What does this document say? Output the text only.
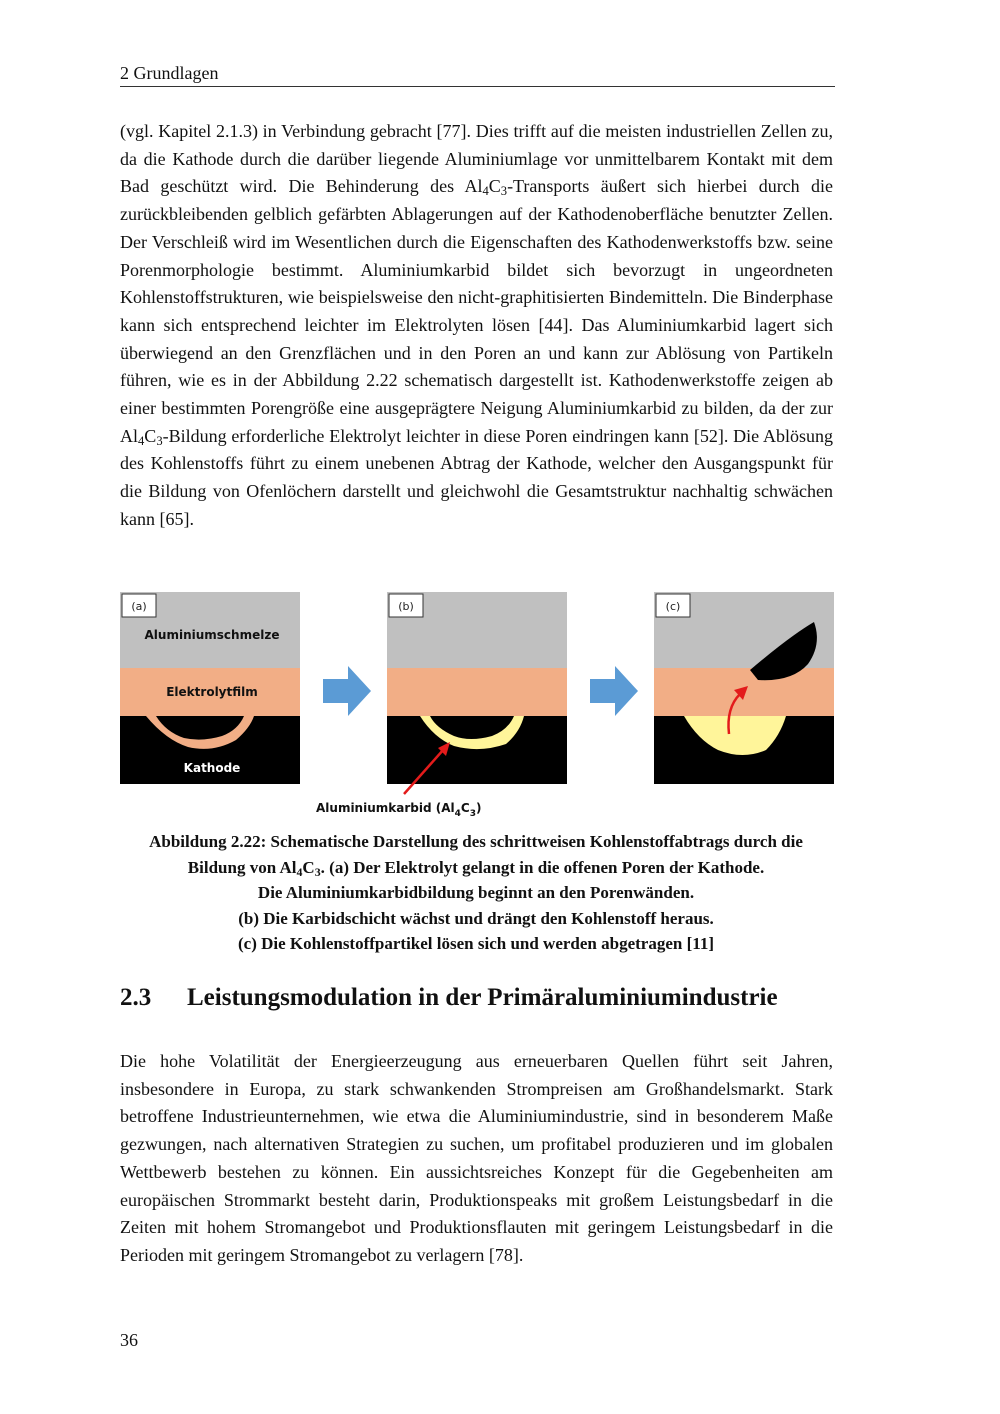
2 Grundlagen

(vgl. Kapitel 2.1.3) in Verbindung gebracht [77]. Dies trifft auf die meisten industriellen Zellen zu, da die Kathode durch die darüber liegende Aluminiumlage vor unmittelbarem Kontakt mit dem Bad geschützt wird. Die Behinderung des $Al_4C_3$-Transports äußert sich hierbei durch die zurückbleibenden gelblich gefärbten Ablagerungen auf der Kathodenoberfläche benutzter Zellen. Der Verschleiß wird im Wesentlichen durch die Eigenschaften des Kathodenwerkstoffs bzw. seine Porenmorphologie bestimmt. Aluminiumkarbid bildet sich bevorzugt in ungeordneten Kohlenstoffstrukturen, wie beispielsweise den nicht-graphitisierten Bindemitteln. Die Binderphase kann sich entsprechend leichter im Elektrolyten lösen [44]. Das Aluminiumkarbid lagert sich überwiegend an den Grenzflächen und in den Poren an und kann zur Ablösung von Partikeln führen, wie es in der Abbildung 2.22 schematisch dargestellt ist. Kathodenwerkstoffe zeigen ab einer bestimmten Porengröße eine ausgeprägtere Neigung Aluminiumkarbid zu bilden, da der zur $Al_4C_3$-Bildung erforderliche Elektrolyt leichter in diese Poren eindringen kann [52]. Die Ablösung des Kohlenstoffs führt zu einem unebenen Abtrag der Kathode, welcher den Ausgangspunkt für die Bildung von Ofenlöchern darstellt und gleichwohl die Gesamtstruktur nachhaltig schwächen kann [65].

(a)
Aluminiumschmelze
Elektrolytfilm
Kathode
(b)	(c)
Aluminiumkarbid $(Al_4C_3)$
Abbildung 2.22: Schematische Darstellung des schrittweisen Kohlenstoffabtrags durch die
Bildung von $Al_4C_3$. (a) Der Elektrolyt gelangt in die offenen Poren der Kathode.
Die Aluminiumkarbidbildung beginnt an den Porenwänden.
(b) Die Karbidschicht wächst und drängt den Kohlenstoff heraus.
(c) Die Kohlenstoffpartikel lösen sich und werden abgetragen [11]
2.3 Leistungsmodulation in der Primäraluminiumindustrie

Die hohe Volatilität der Energieerzeugung aus erneuerbaren Quellen führt seit Jahren, insbesondere in Europa, zu stark schwankenden Strompreisen am Großhandelsmarkt. Stark betroffene Industrieunternehmen, wie etwa die Aluminiumindustrie, sind in besonderem Maße gezwungen, nach alternativen Strategien zu suchen, um profitabel produzieren und im globalen Wettbewerb bestehen zu können. Ein aussichtsreiches Konzept für die Gegebenheiten am europäischen Strommarkt besteht darin, Produktionspeaks mit großem Leistungsbedarf in die Zeiten mit hohem Stromangebot und Produktionsflauten mit geringem Leistungsbedarf in die Perioden mit geringem Stromangebot zu verlagern [78].

36
